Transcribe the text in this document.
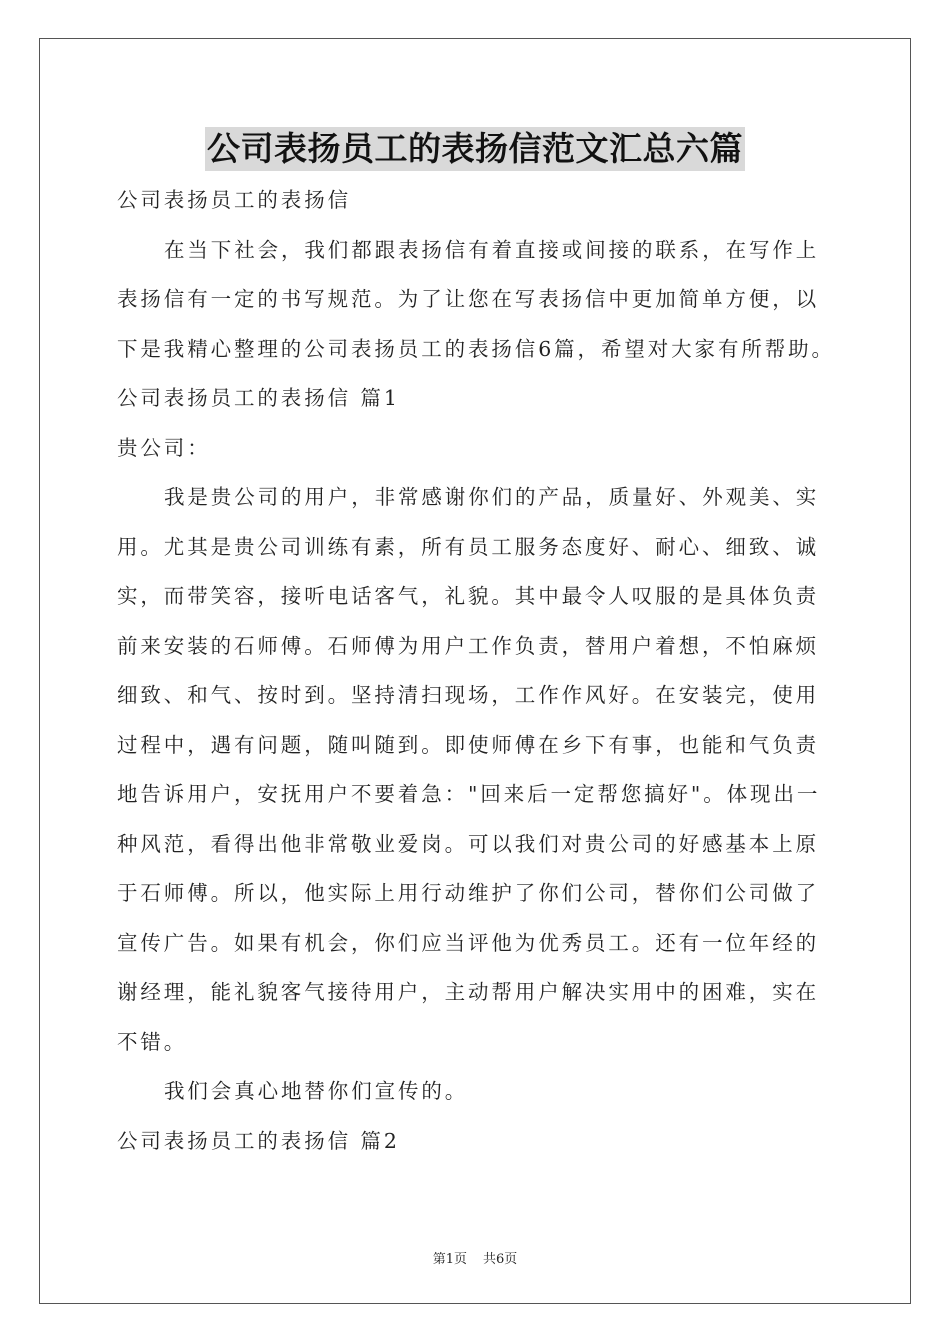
公司表扬员工的表扬信范文汇总六篇
公司表扬员工的表扬信
在当下社会，我们都跟表扬信有着直接或间接的联系，在写作上
表扬信有一定的书写规范。为了让您在写表扬信中更加简单方便，以
下是我精心整理的公司表扬员工的表扬信6篇，希望对大家有所帮助。
公司表扬员工的表扬信 篇1
贵公司：
我是贵公司的用户，非常感谢你们的产品，质量好、外观美、实
用。尤其是贵公司训练有素，所有员工服务态度好、耐心、细致、诚
实，而带笑容，接听电话客气，礼貌。其中最令人叹服的是具体负责
前来安装的石师傅。石师傅为用户工作负责，替用户着想，不怕麻烦
细致、和气、按时到。坚持清扫现场，工作作风好。在安装完，使用
过程中，遇有问题，随叫随到。即使师傅在乡下有事，也能和气负责
地告诉用户，安抚用户不要着急："回来后一定帮您搞好"。体现出一
种风范，看得出他非常敬业爱岗。可以我们对贵公司的好感基本上原
于石师傅。所以，他实际上用行动维护了你们公司，替你们公司做了
宣传广告。如果有机会，你们应当评他为优秀员工。还有一位年经的
谢经理，能礼貌客气接待用户，主动帮用户解决实用中的困难，实在
不错。
我们会真心地替你们宣传的。
公司表扬员工的表扬信 篇2
第1页 共6页
